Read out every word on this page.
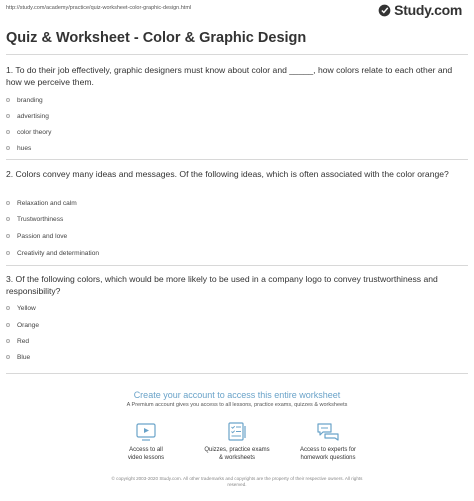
http://study.com/academy/practice/quiz-worksheet-color-graphic-design.html	Study.com
Quiz & Worksheet - Color & Graphic Design
1. To do their job effectively, graphic designers must know about color and _____, how colors relate to each other and how we perceive them.
branding
advertising
color theory
hues
2. Colors convey many ideas and messages. Of the following ideas, which is often associated with the color orange?
Relaxation and calm
Trustworthiness
Passion and love
Creativity and determination
3. Of the following colors, which would be more likely to be used in a company logo to convey trustworthiness and responsibility?
Yellow
Orange
Red
Blue
Create your account to access this entire worksheet
A Premium account gives you access to all lessons, practice exams, quizzes & worksheets
Access to all
video lessons
Quizzes, practice exams
& worksheets
Access to experts for
homework questions
© copyright 2003-2020 Study.com. All other trademarks and copyrights are the property of their respective owners. All rights
reserved.
